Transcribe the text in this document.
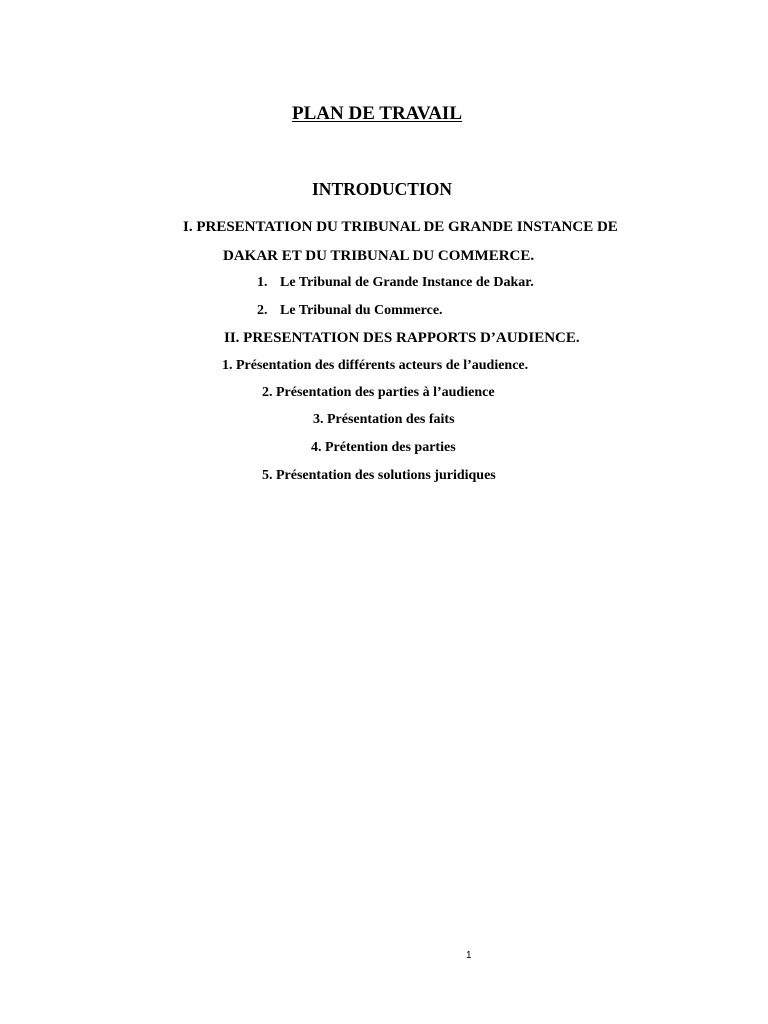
PLAN DE TRAVAIL
INTRODUCTION
I. PRESENTATION DU TRIBUNAL DE GRANDE INSTANCE DE
DAKAR ET DU TRIBUNAL DU COMMERCE.
1. Le Tribunal de Grande Instance de Dakar.
2. Le Tribunal du Commerce.
II. PRESENTATION DES RAPPORTS D’AUDIENCE.
1. Présentation des différents acteurs de l’audience.
2. Présentation des parties à l’audience
3. Présentation des faits
4. Prétention des parties
5. Présentation des solutions juridiques
1
